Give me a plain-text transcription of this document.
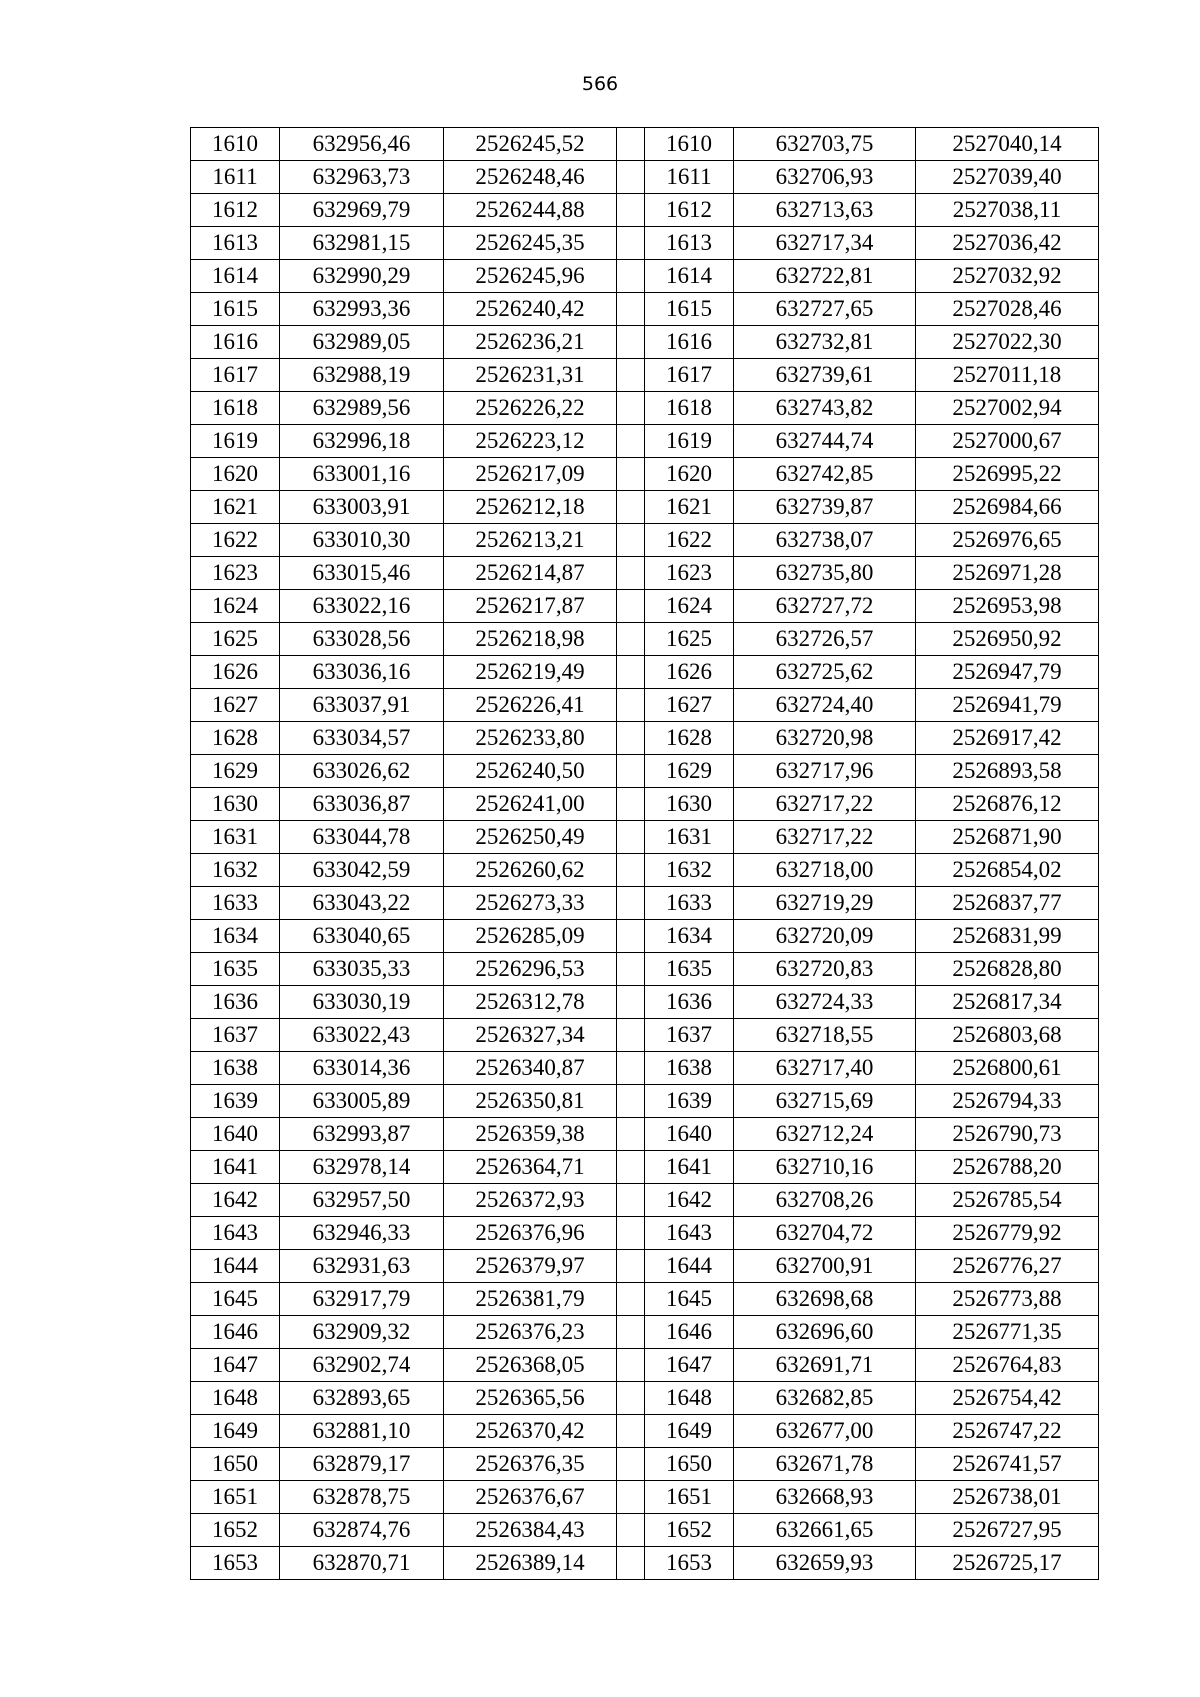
566
1610	632956,46	2526245,52		1610	632703,75	2527040,14
1611	632963,73	2526248,46		1611	632706,93	2527039,40
1612	632969,79	2526244,88		1612	632713,63	2527038,11
1613	632981,15	2526245,35		1613	632717,34	2527036,42
1614	632990,29	2526245,96		1614	632722,81	2527032,92
1615	632993,36	2526240,42		1615	632727,65	2527028,46
1616	632989,05	2526236,21		1616	632732,81	2527022,30
1617	632988,19	2526231,31		1617	632739,61	2527011,18
1618	632989,56	2526226,22		1618	632743,82	2527002,94
1619	632996,18	2526223,12		1619	632744,74	2527000,67
1620	633001,16	2526217,09		1620	632742,85	2526995,22
1621	633003,91	2526212,18		1621	632739,87	2526984,66
1622	633010,30	2526213,21		1622	632738,07	2526976,65
1623	633015,46	2526214,87		1623	632735,80	2526971,28
1624	633022,16	2526217,87		1624	632727,72	2526953,98
1625	633028,56	2526218,98		1625	632726,57	2526950,92
1626	633036,16	2526219,49		1626	632725,62	2526947,79
1627	633037,91	2526226,41		1627	632724,40	2526941,79
1628	633034,57	2526233,80		1628	632720,98	2526917,42
1629	633026,62	2526240,50		1629	632717,96	2526893,58
1630	633036,87	2526241,00		1630	632717,22	2526876,12
1631	633044,78	2526250,49		1631	632717,22	2526871,90
1632	633042,59	2526260,62		1632	632718,00	2526854,02
1633	633043,22	2526273,33		1633	632719,29	2526837,77
1634	633040,65	2526285,09		1634	632720,09	2526831,99
1635	633035,33	2526296,53		1635	632720,83	2526828,80
1636	633030,19	2526312,78		1636	632724,33	2526817,34
1637	633022,43	2526327,34		1637	632718,55	2526803,68
1638	633014,36	2526340,87		1638	632717,40	2526800,61
1639	633005,89	2526350,81		1639	632715,69	2526794,33
1640	632993,87	2526359,38		1640	632712,24	2526790,73
1641	632978,14	2526364,71		1641	632710,16	2526788,20
1642	632957,50	2526372,93		1642	632708,26	2526785,54
1643	632946,33	2526376,96		1643	632704,72	2526779,92
1644	632931,63	2526379,97		1644	632700,91	2526776,27
1645	632917,79	2526381,79		1645	632698,68	2526773,88
1646	632909,32	2526376,23		1646	632696,60	2526771,35
1647	632902,74	2526368,05		1647	632691,71	2526764,83
1648	632893,65	2526365,56		1648	632682,85	2526754,42
1649	632881,10	2526370,42		1649	632677,00	2526747,22
1650	632879,17	2526376,35		1650	632671,78	2526741,57
1651	632878,75	2526376,67		1651	632668,93	2526738,01
1652	632874,76	2526384,43		1652	632661,65	2526727,95
1653	632870,71	2526389,14		1653	632659,93	2526725,17
